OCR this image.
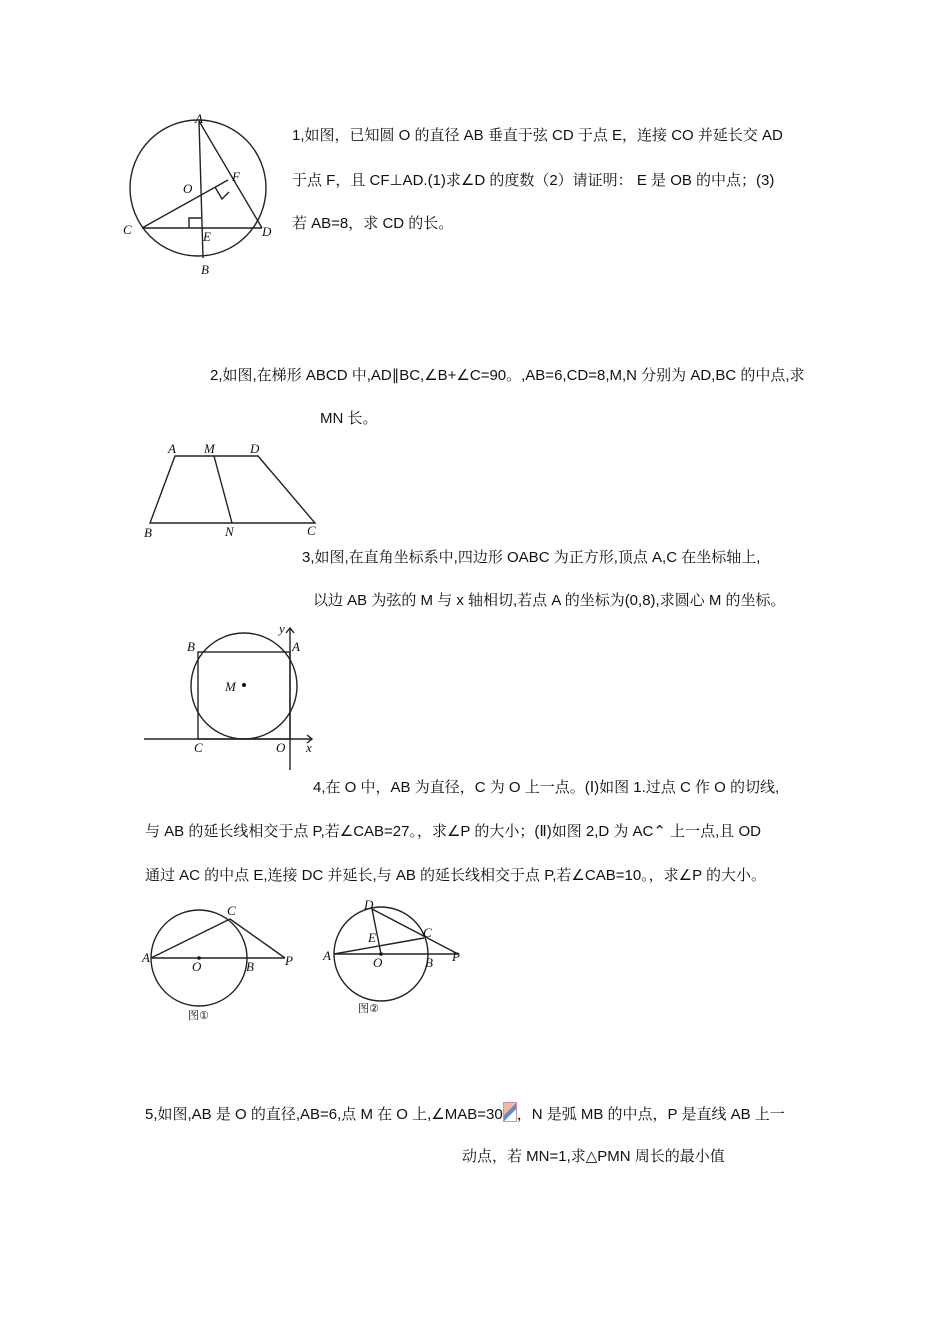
A
F
O
C	E	D
B
1,如图，已知圆 O 的直径 AB 垂直于弦 CD 于点 E，连接 CO 并延长交 AD
于点 F，且 CF⊥AD.(1)求∠D 的度数（2）请证明： E 是 OB 的中点；(3)
若 AB=8，求 CD 的长。
2,如图,在梯形 ABCD 中,AD∥BC,∠B+∠C=90。,AB=6,CD=8,M,N 分别为 AD,BC 的中点,求
MN 长。
A M	D
B	N	C
3,如图,在直角坐标系中,四边形 OABC 为正方形,顶点 A,C 在坐标轴上,
以边 AB 为弦的 M 与 x 轴相切,若点 A 的坐标为(0,8),求圆心 M 的坐标。
B	A
y
M
C	O x
4,在 O 中，AB 为直径，C 为 O 上一点。(Ⅰ)如图 1.过点 C 作 O 的切线,
与 AB 的延长线相交于点 P,若∠CAB=27。，求∠P 的大小；(Ⅱ)如图 2,D 为 AC⌃ 上一点,且 OD
通过 AC 的中点 E,连接 DC 并延长,与 AB 的延长线相交于点 P,若∠CAB=10。，求∠P 的大小。
A
C
O	B P
图①
D
E	C
A	O	B P
图②
5,如图,AB 是 O 的直径,AB=6,点 M 在 O 上,∠MAB=30 ，N 是弧 MB 的中点，P 是直线 AB 上一
动点，若 MN=1,求△PMN 周长的最小值
